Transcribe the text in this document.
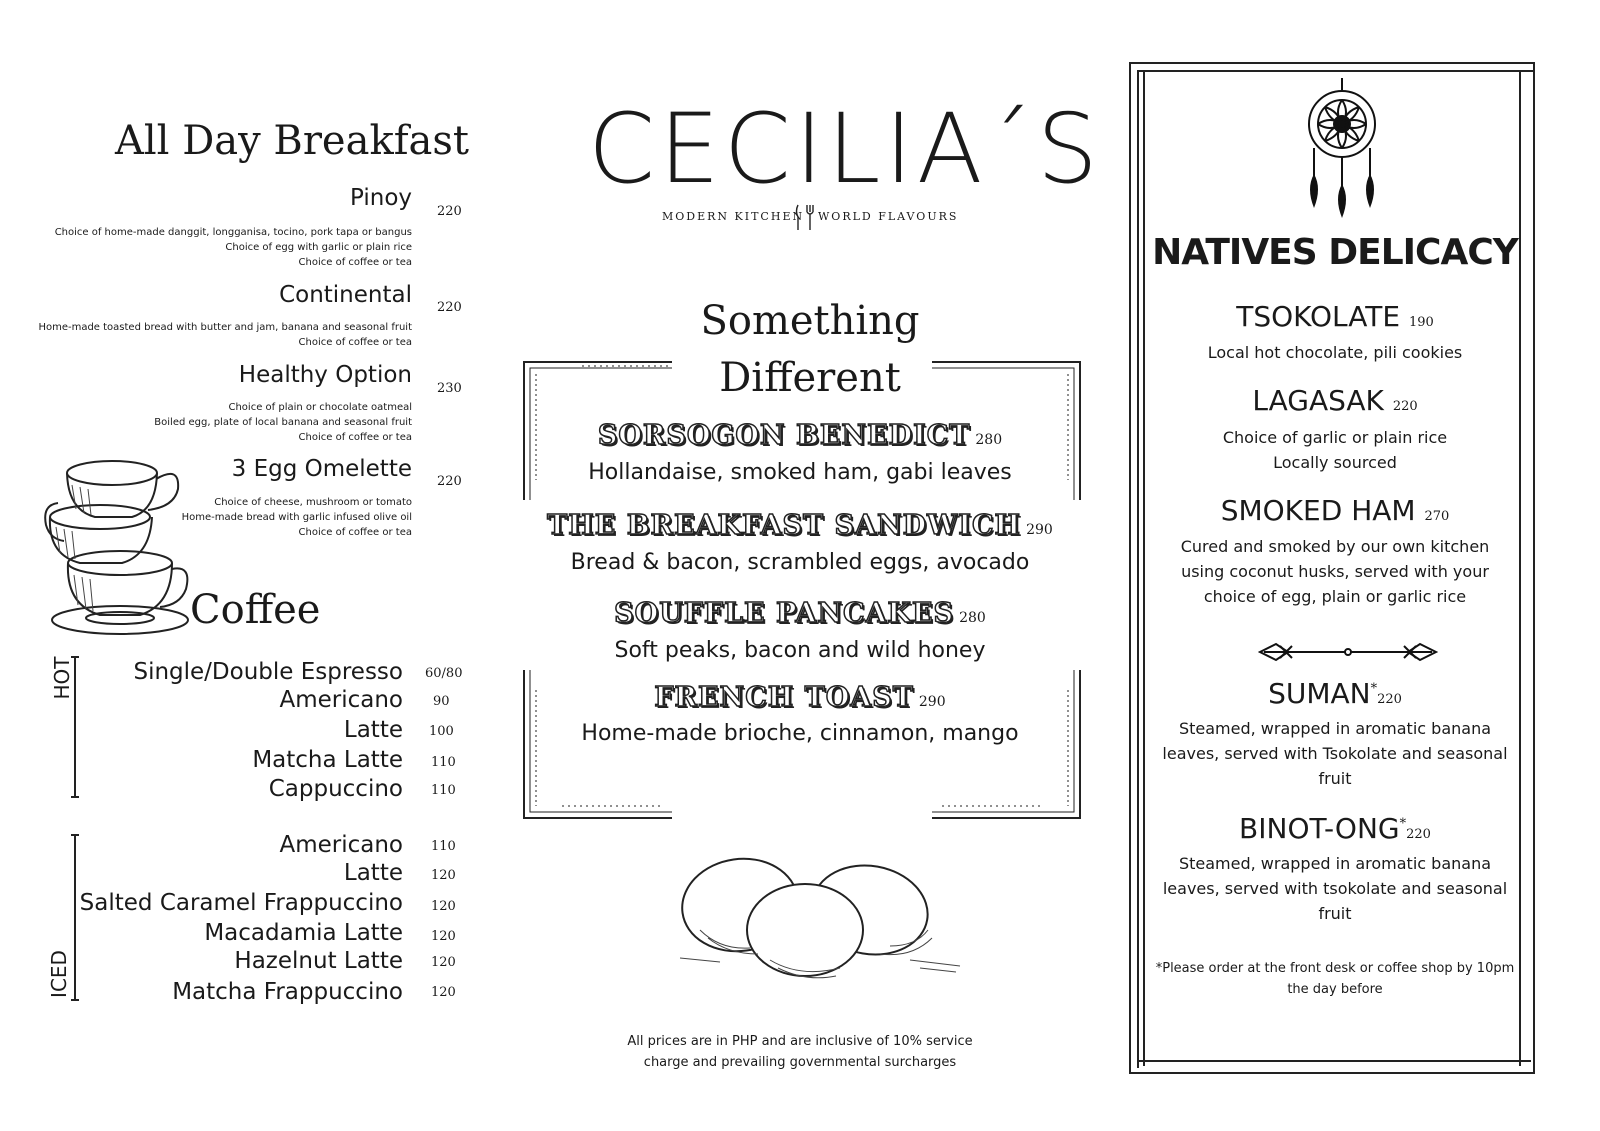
All Day Breakfast
Pinoy
220
Choice of home-made danggit, longganisa, tocino, pork tapa or bangus
Choice of egg with garlic or plain rice
Choice of coffee or tea
Continental 220
Home-made toasted bread with butter and jam, banana and seasonal fruit
Choice of coffee or tea
Healthy Option
230
Choice of plain or chocolate oatmeal
Boiled egg, plate of local banana and seasonal fruit
Choice of coffee or tea
3 Egg Omelette 220
Choice of cheese, mushroom or tomato
Home-made bread with garlic infused olive oil
Choice of coffee or tea
Coffee
HOT	Single/Double Espresso 60/80
Americano 90
Latte 100
Matcha Latte 110
Cappuccino 110
ICED
Americano 110
Latte 120
Salted Caramel Frappuccino 120
Macadamia Latte 120
Hazelnut Latte 120
Matcha Frappuccino 120
CECILIA´S
MODERN KITCHEN WORLD FLAVOURS
Something
Different
SORSOGON BENEDICT 280
Hollandaise, smoked ham, gabi leaves
THE BREAKFAST SANDWICH 290
Bread & bacon, scrambled eggs, avocado
SOUFFLE PANCAKES 280
Soft peaks, bacon and wild honey
FRENCH TOAST 290
Home-made brioche, cinnamon, mango
All prices are in PHP and are inclusive of 10% service
charge and prevailing governmental surcharges
NATIVES DELICACY
TSOKOLATE 190
Local hot chocolate, pili cookies
LAGASAK 220
Choice of garlic or plain rice
Locally sourced
SMOKED HAM 270
Cured and smoked by our own kitchen
using coconut husks, served with your
choice of egg, plain or garlic rice
SUMAN*220
Steamed, wrapped in aromatic banana
leaves, served with Tsokolate and seasonal
fruit
BINOT-ONG*220
Steamed, wrapped in aromatic banana
leaves, served with tsokolate and seasonal
fruit
*Please order at the front desk or coffee shop by 10pm
the day before
